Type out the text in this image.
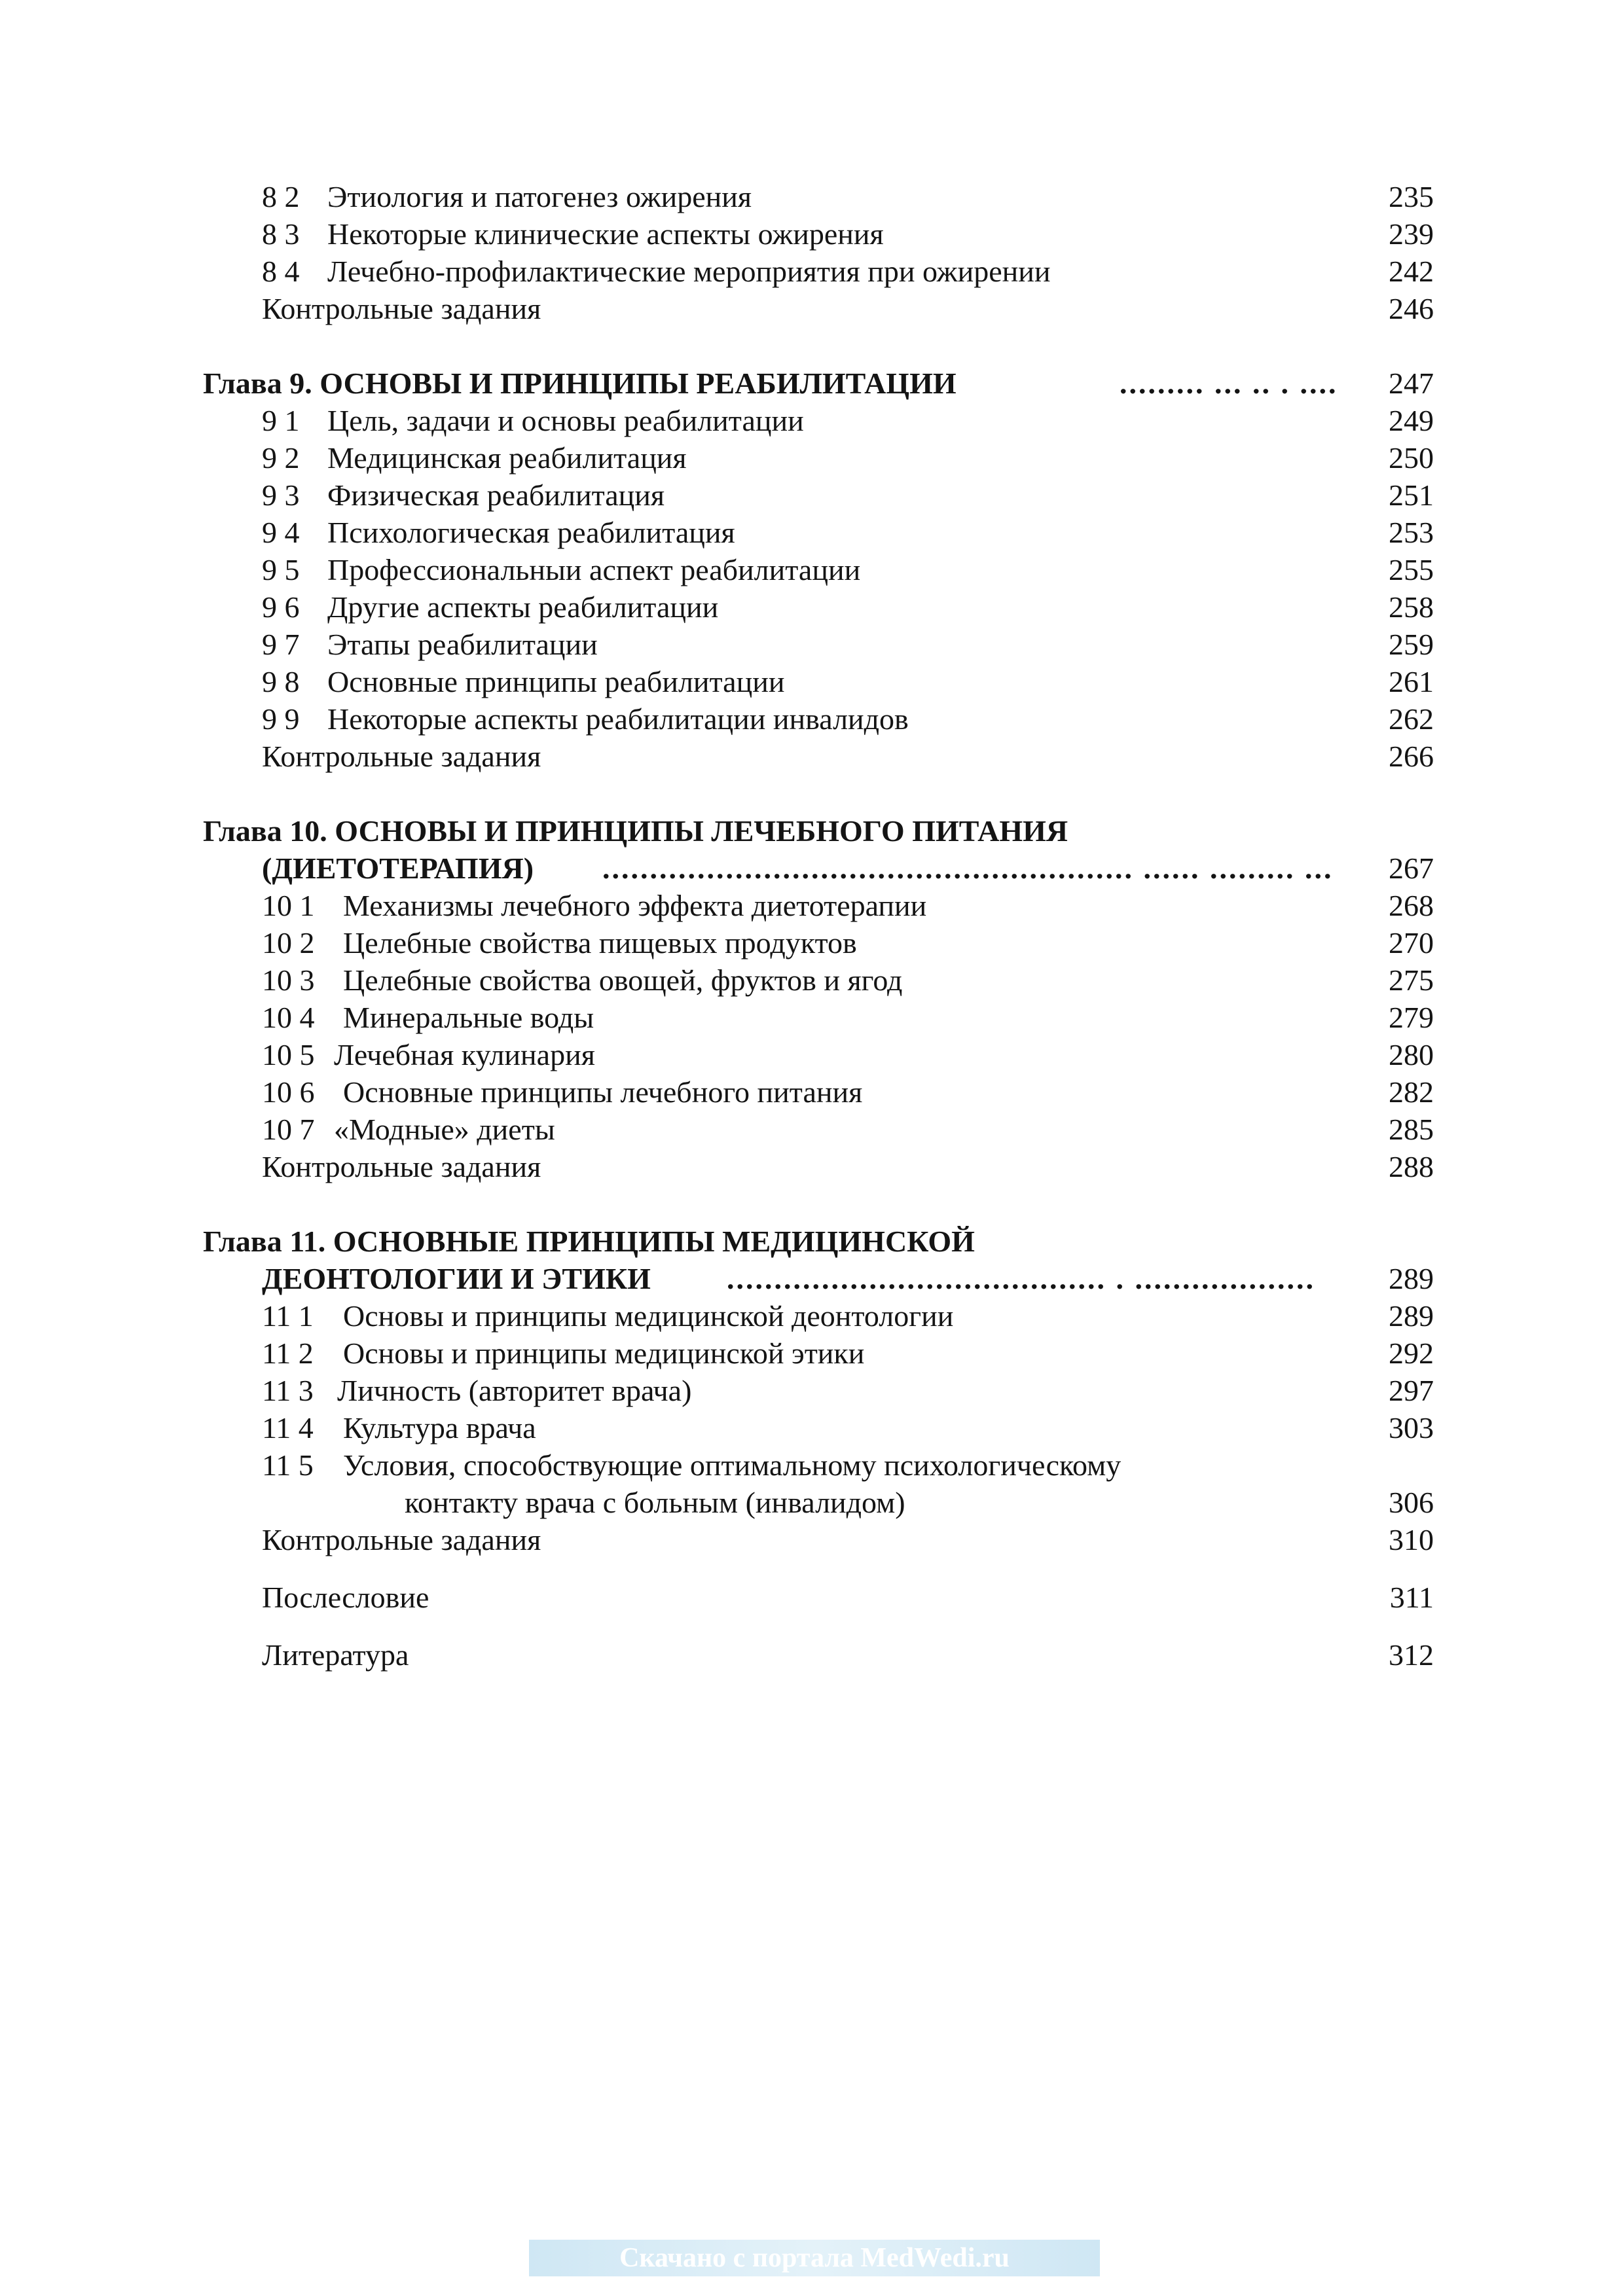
8 2 Этиология и патогенез ожирения	235
8 3 Некоторые клинические аспекты ожирения	239
8 4 Лечебно-профилактические мероприятия при ожирении	242
Контрольные задания	246
Глава 9. ОСНОВЫ И ПРИНЦИПЫ РЕАБИЛИТАЦИИ	......... ... .. . ....	247
9 1 Цель, задачи и основы реабилитации	249
9 2 Медицинская реабилитация	250
9 3 Физическая реабилитация	251
9 4 Психологическая реабилитация	253
9 5 Профессиональныи аспект реабилитации	255
9 6 Другие аспекты реабилитации	258
9 7 Этапы реабилитации	259
9 8 Основные принципы реабилитации	261
9 9 Некоторые аспекты реабилитации инвалидов	262
Контрольные задания	266
Глава 10. ОСНОВЫ И ПРИНЦИПЫ ЛЕЧЕБНОГО ПИТАНИЯ
(ДИЕТОТЕРАПИЯ) ........................................................ ...... ......... ...	267
10 1 Механизмы лечебного эффекта диетотерапии	268
10 2 Целебные свойства пищевых продуктов	270
10 3 Целебные свойства овощей, фруктов и ягод	275
10 4 Минеральные воды	279
10 5 Лечебная кулинария	280
10 6 Основные принципы лечебного питания	282
10 7 «Модные» диеты	285
Контрольные задания	288
Глава 11. ОСНОВНЫЕ ПРИНЦИПЫ МЕДИЦИНСКОЙ
ДЕОНТОЛОГИИ И ЭТИКИ	........................................ . ...................	289
11 1 Основы и принципы медицинской деонтологии	289
11 2 Основы и принципы медицинской этики	292
11 3 Личность (авторитет врача)	297
11 4 Культура врача	303
11 5 Условия, способствующие оптимальному психологическому
контакту врача с больным (инвалидом)	306
Контрольные задания	310
Послесловие	311
Литература	312
Скачано с портала MedWedi.ru
